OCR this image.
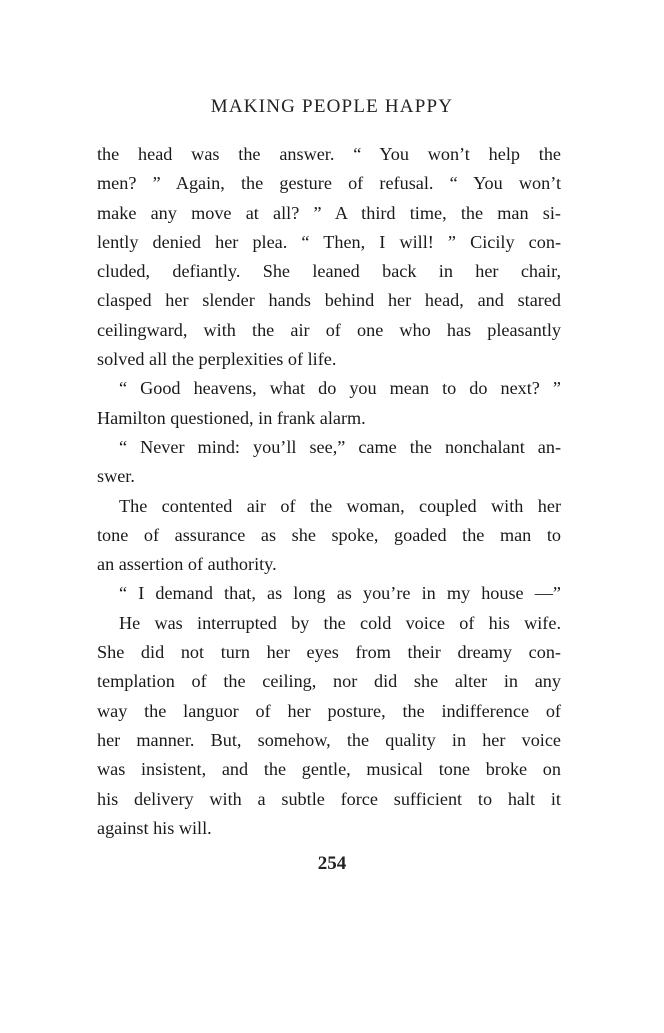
MAKING PEOPLE HAPPY
the head was the answer. “ You won’t help the
men? ” Again, the gesture of refusal. “ You won’t
make any move at all? ” A third time, the man si-
lently denied her plea. “ Then, I will! ” Cicily con-
cluded, defiantly. She leaned back in her chair,
clasped her slender hands behind her head, and stared
ceilingward, with the air of one who has pleasantly
solved all the perplexities of life.
“ Good heavens, what do you mean to do next? ”
Hamilton questioned, in frank alarm.
“ Never mind: you’ll see,” came the nonchalant an-
swer.
The contented air of the woman, coupled with her
tone of assurance as she spoke, goaded the man to
an assertion of authority.
“ I demand that, as long as you’re in my house —”
He was interrupted by the cold voice of his wife.
She did not turn her eyes from their dreamy con-
templation of the ceiling, nor did she alter in any
way the languor of her posture, the indifference of
her manner. But, somehow, the quality in her voice
was insistent, and the gentle, musical tone broke on
his delivery with a subtle force sufficient to halt it
against his will.
254
